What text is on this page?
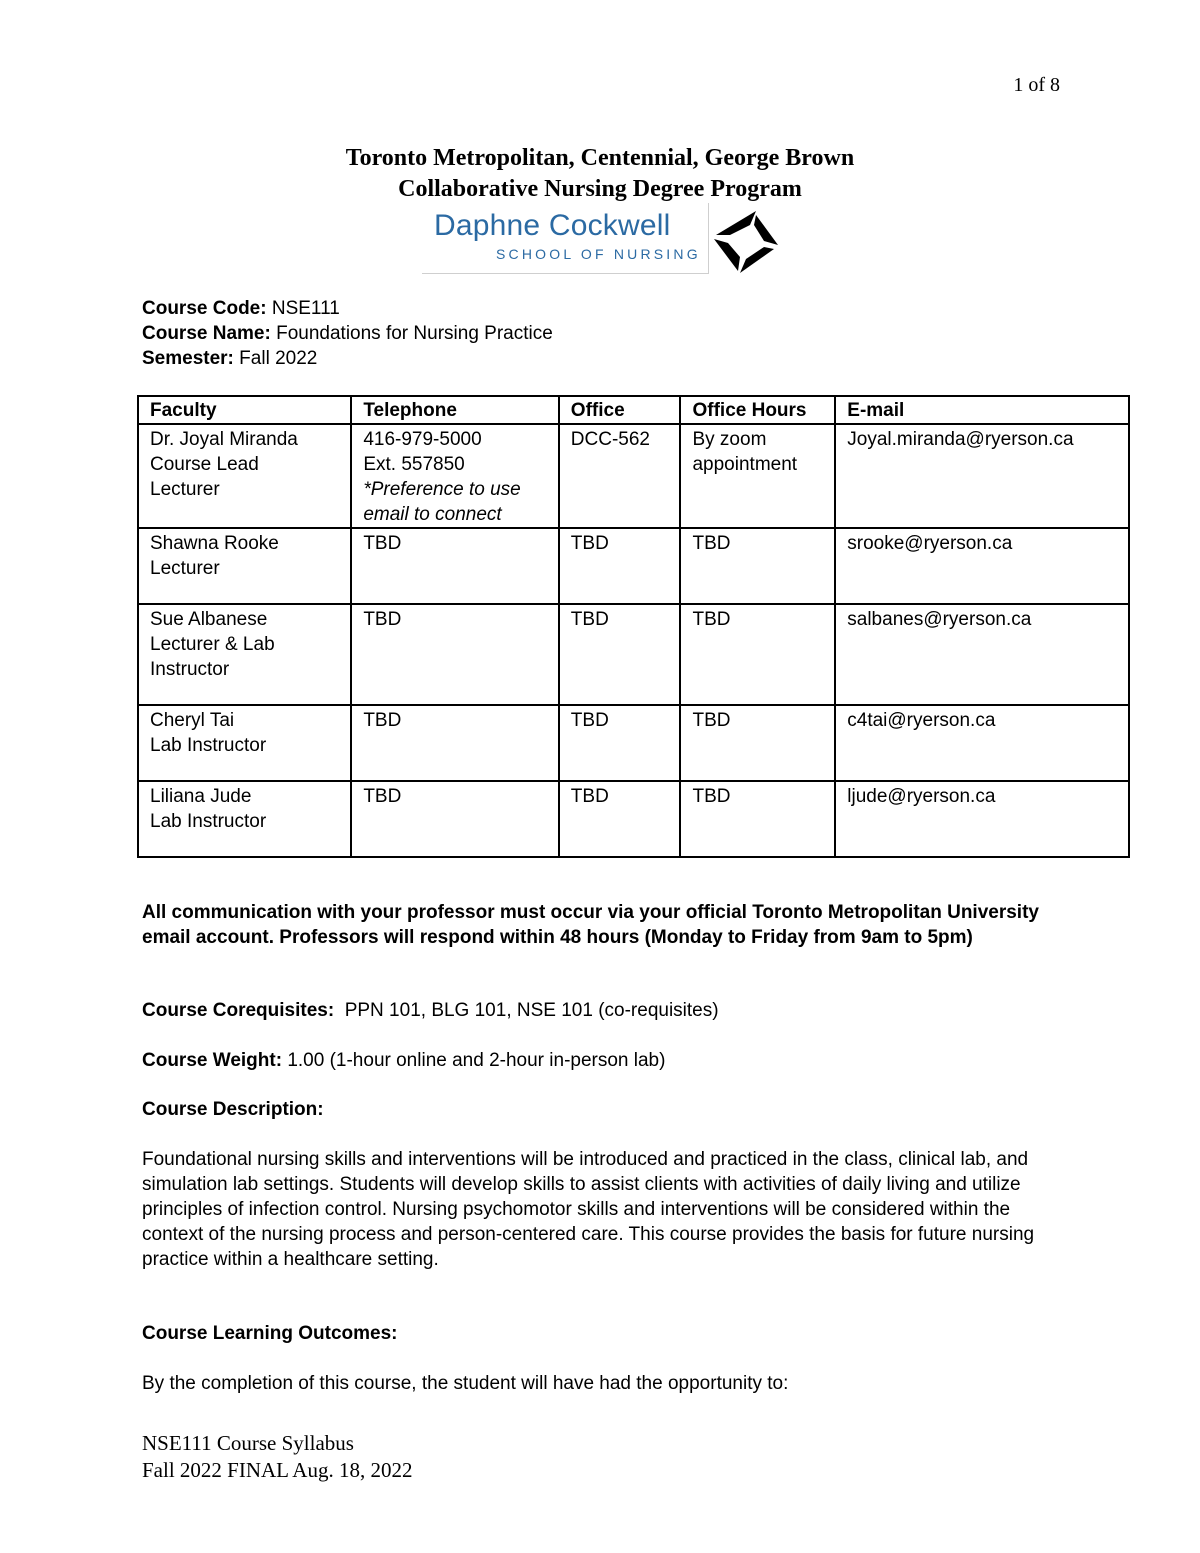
1 of 8
Toronto Metropolitan, Centennial, George Brown
Collaborative Nursing Degree Program
Daphne Cockwell
SCHOOL OF NURSING
Course Code: NSE111
Course Name: Foundations for Nursing Practice
Semester: Fall 2022
Faculty	Telephone	Office	Office Hours	E-mail

Dr. Joyal Miranda
Course Lead
Lecturer	416-979-5000
Ext. 557850
*Preference to use
email to connect	DCC-562	By zoom
appointment	Joyal.miranda@ryerson.ca

Shawna Rooke
Lecturer	TBD	TBD	TBD	srooke@ryerson.ca

Sue Albanese
Lecturer & Lab
Instructor	TBD	TBD	TBD	salbanes@ryerson.ca

Cheryl Tai
Lab Instructor	TBD	TBD	TBD	c4tai@ryerson.ca

Liliana Jude
Lab Instructor	TBD	TBD	TBD	ljude@ryerson.ca
All communication with your professor must occur via your official Toronto Metropolitan University email account. Professors will respond within 48 hours (Monday to Friday from 9am to 5pm)
Course Corequisites:  PPN 101, BLG 101, NSE 101 (co-requisites)
Course Weight: 1.00 (1-hour online and 2-hour in-person lab)
Course Description:
Foundational nursing skills and interventions will be introduced and practiced in the class, clinical lab, and simulation lab settings. Students will develop skills to assist clients with activities of daily living and utilize principles of infection control. Nursing psychomotor skills and interventions will be considered within the context of the nursing process and person-centered care. This course provides the basis for future nursing practice within a healthcare setting.
Course Learning Outcomes:
By the completion of this course, the student will have had the opportunity to:
NSE111 Course Syllabus
Fall 2022 FINAL Aug. 18, 2022
